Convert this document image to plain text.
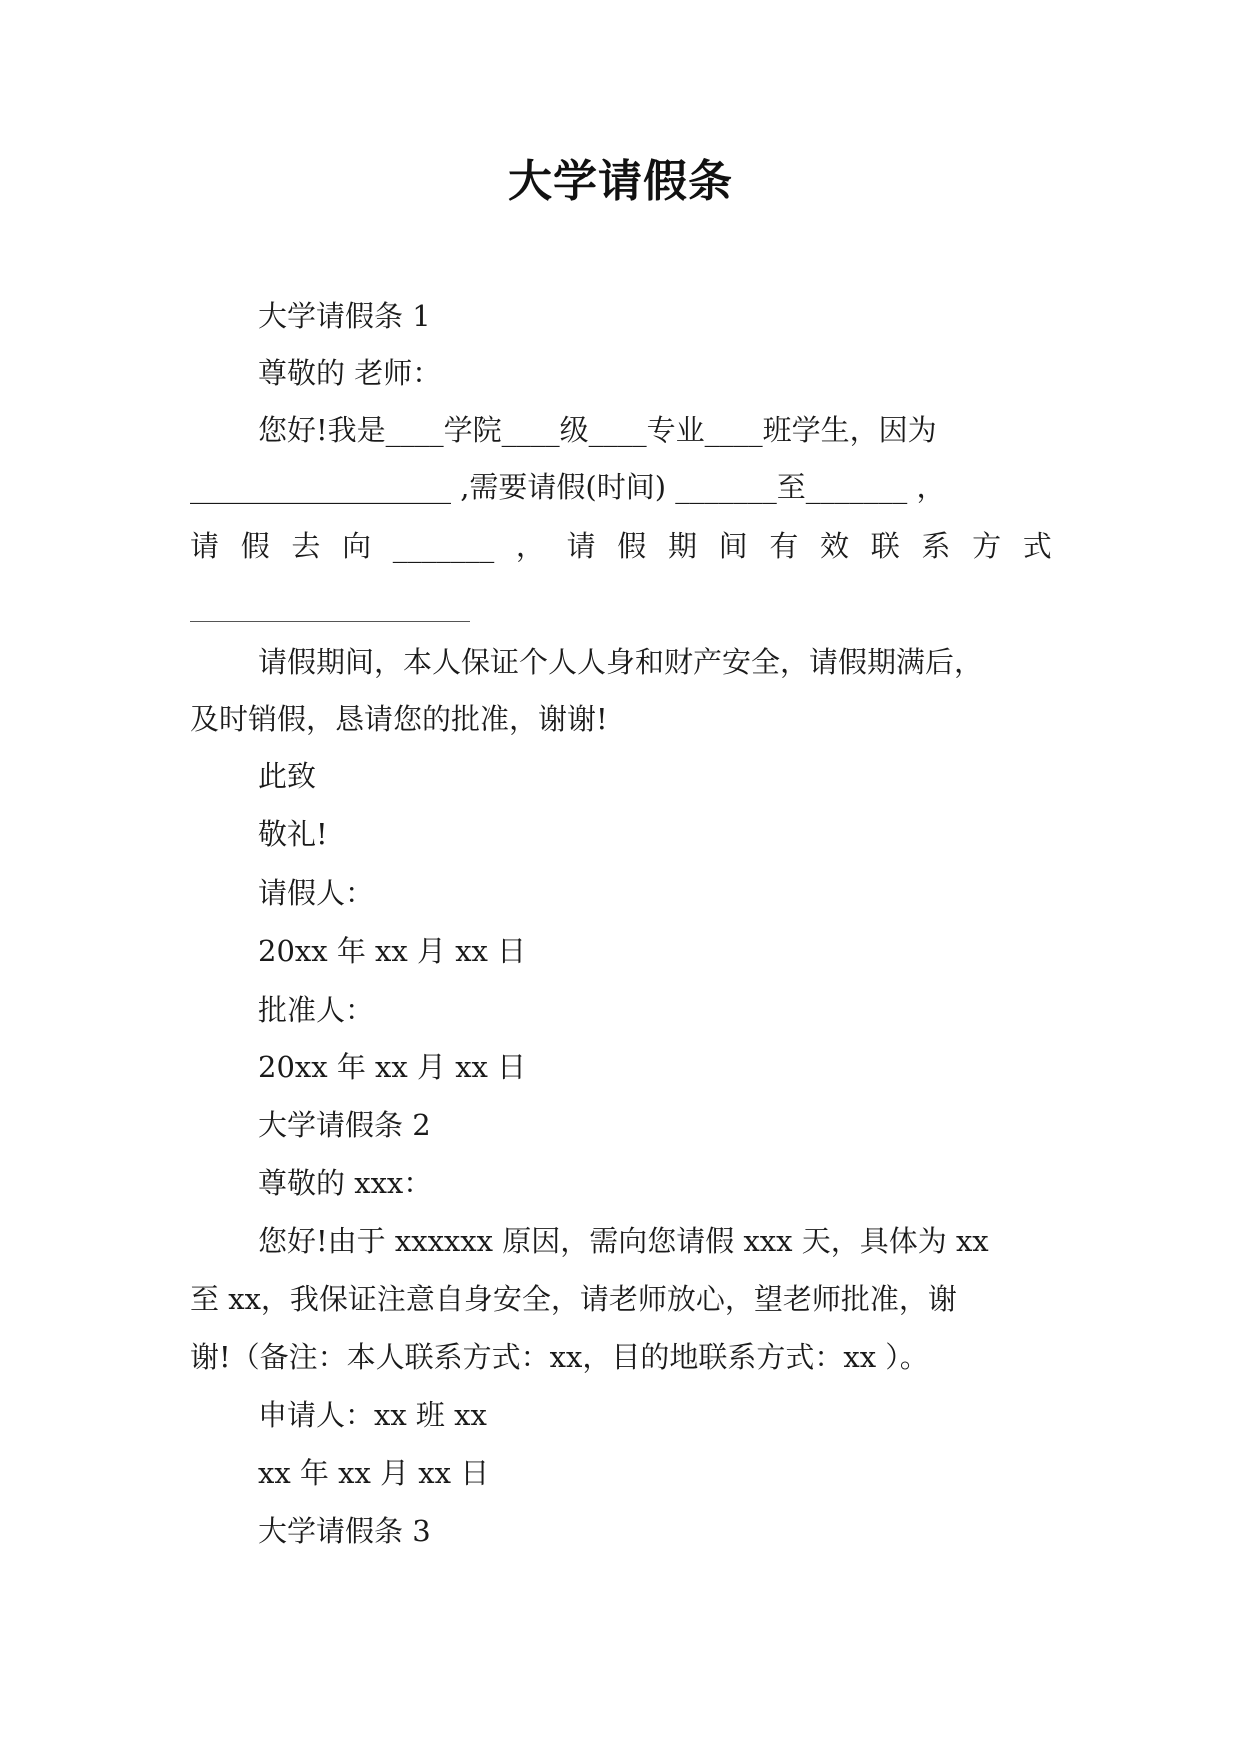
大学请假条
大学请假条 1
尊敬的 老师：
您好!我是____学院____级____专业____班学生，因为
__________________ ,需要请假(时间) _______至_______ ，
请 假 去 向 _______ ， 请 假 期 间 有 效 联 系 方 式
请假期间，本人保证个人人身和财产安全，请假期满后，
及时销假，恳请您的批准，谢谢!
此致
敬礼!
请假人：
20xx 年 xx 月 xx 日
批准人：
20xx 年 xx 月 xx 日
大学请假条 2
尊敬的 xxx：
您好!由于 xxxxxx 原因，需向您请假 xxx 天，具体为 xx
至 xx，我保证注意自身安全，请老师放心，望老师批准，谢
谢!（备注：本人联系方式：xx，目的地联系方式：xx ）。
申请人：xx 班 xx
xx 年 xx 月 xx 日
大学请假条 3
